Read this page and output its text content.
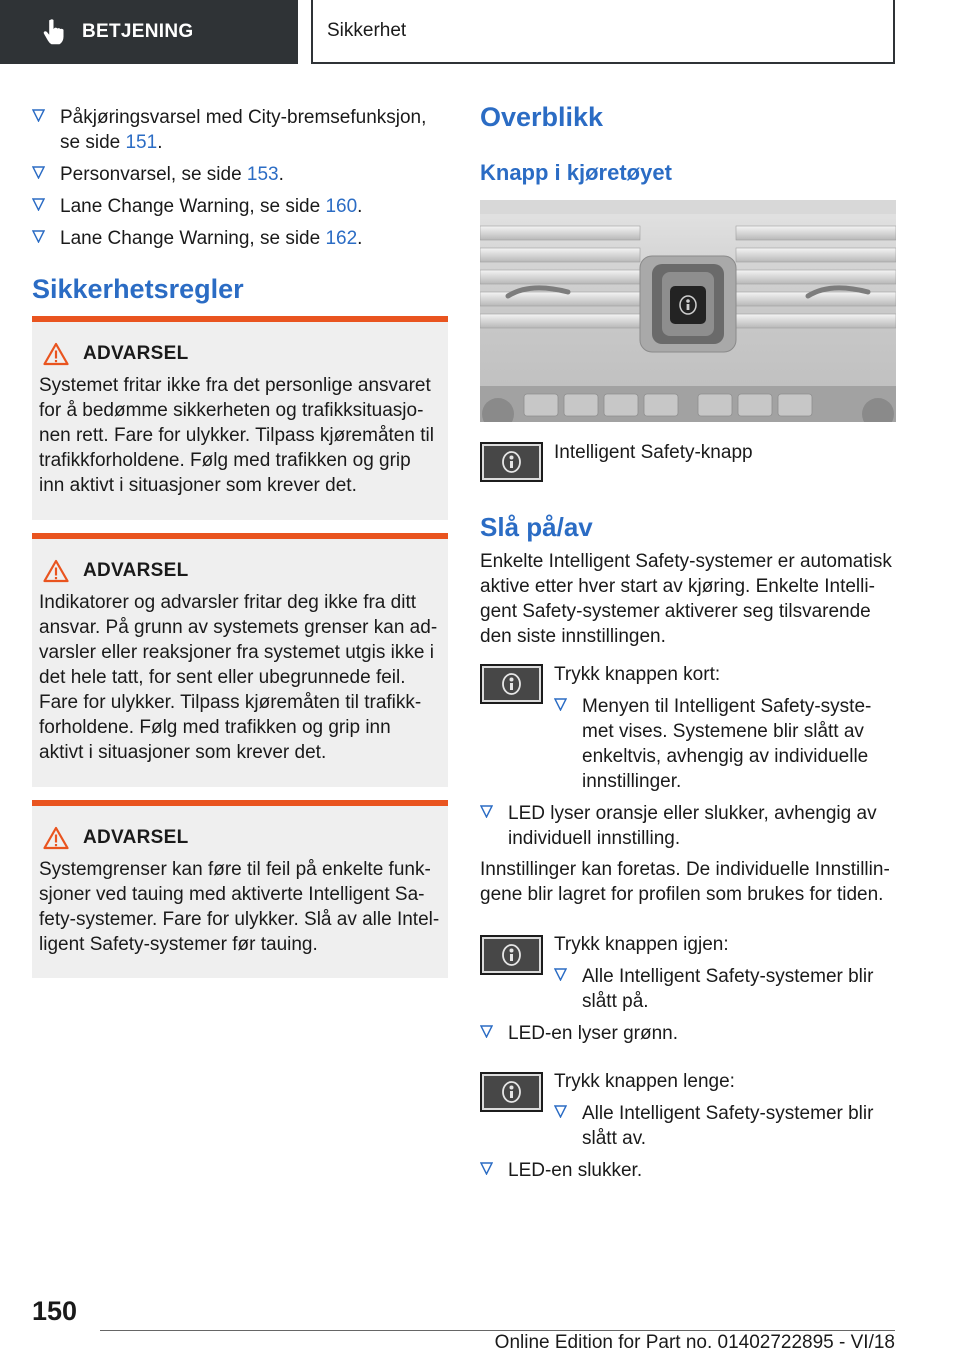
BETJENING	Sikkerhet
Påkjøringsvarsel med City-bremsefunksjon, se side 151.
Personvarsel, se side 153.
Lane Change Warning, se side 160.
Lane Change Warning, se side 162.
Sikkerhetsregler
ADVARSEL
Systemet fritar ikke fra det personlige ansvaret for å bedømme sikkerheten og trafikksituasjonen rett. Fare for ulykker. Tilpass kjøremåten til trafikkforholdene. Følg med trafikken og grip inn aktivt i situasjoner som krever det.
ADVARSEL
Indikatorer og advarsler fritar deg ikke fra ditt ansvar. På grunn av systemets grenser kan advarsler eller reaksjoner fra systemet utgis ikke i det hele tatt, for sent eller ubegrunnede feil. Fare for ulykker. Tilpass kjøremåten til trafikkforholdene. Følg med trafikken og grip inn aktivt i situasjoner som krever det.
ADVARSEL
Systemgrenser kan føre til feil på enkelte funksjoner ved tauing med aktiverte Intelligent Safety-systemer. Fare for ulykker. Slå av alle Intelligent Safety-systemer før tauing.
Overblikk
Knapp i kjøretøyet
Intelligent Safety-knapp
Slå på/av
Enkelte Intelligent Safety-systemer er automatisk aktive etter hver start av kjøring. Enkelte Intelligent Safety-systemer aktiverer seg tilsvarende den siste innstillingen.
Trykk knappen kort:
Menyen til Intelligent Safety-systemet vises. Systemene blir slått av enkeltvis, avhengig av individuelle innstillinger.
LED lyser oransje eller slukker, avhengig av individuell innstilling.
Innstillinger kan foretas. De individuelle Innstillingene blir lagret for profilen som brukes for tiden.
Trykk knappen igjen:
Alle Intelligent Safety-systemer blir slått på.
LED-en lyser grønn.
Trykk knappen lenge:
Alle Intelligent Safety-systemer blir slått av.
LED-en slukker.
150
Online Edition for Part no. 01402722895 - VI/18
